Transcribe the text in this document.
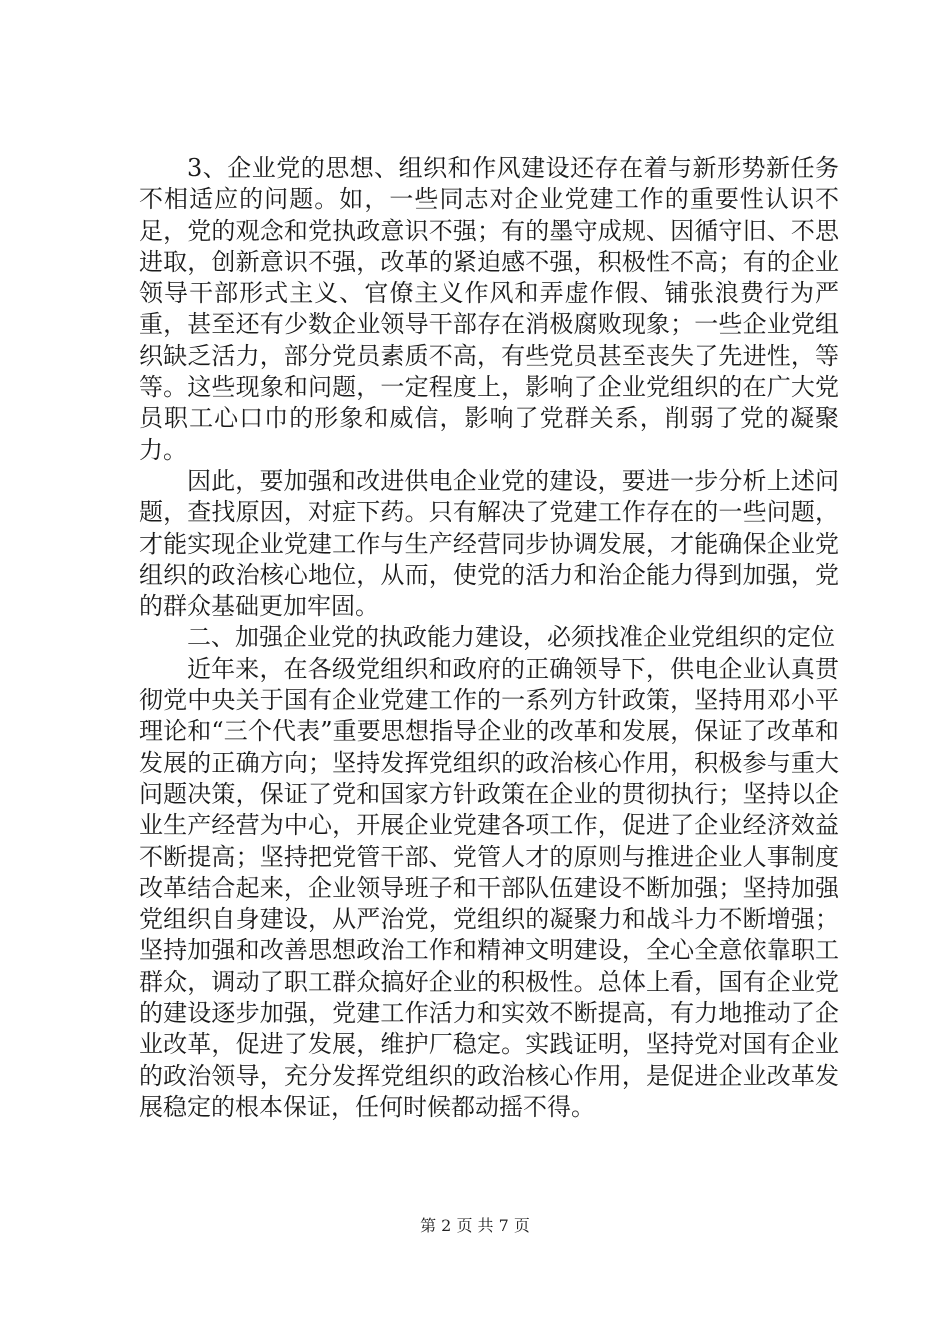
3、企业党的思想、组织和作风建设还存在着与新形势新任务不相适应的问题。如，一些同志对企业党建工作的重要性认识不足，党的观念和党执政意识不强；有的墨守成规、因循守旧、不思进取，创新意识不强，改革的紧迫感不强，积极性不高；有的企业领导干部形式主义、官僚主义作风和弄虚作假、铺张浪费行为严重，甚至还有少数企业领导干部存在消极腐败现象；一些企业党组织缺乏活力，部分党员素质不高，有些党员甚至丧失了先进性，等等。这些现象和问题，一定程度上，影响了企业党组织的在广大党员职工心口巾的形象和威信，影响了党群关系，削弱了党的凝聚力。

因此，要加强和改进供电企业党的建设，要进一步分析上述问题，查找原因，对症下药。只有解决了党建工作存在的一些问题，才能实现企业党建工作与生产经营同步协调发展，才能确保企业党组织的政治核心地位，从而，使党的活力和治企能力得到加强，党的群众基础更加牢固。

二、加强企业党的执政能力建设，必须找准企业党组织的定位

近年来，在各级党组织和政府的正确领导下，供电企业认真贯彻党中央关于国有企业党建工作的一系列方针政策，坚持用邓小平理论和“三个代表”重要思想指导企业的改革和发展，保证了改革和发展的正确方向；坚持发挥党组织的政治核心作用，积极参与重大问题决策，保证了党和国家方针政策在企业的贯彻执行；坚持以企业生产经营为中心，开展企业党建各项工作，促进了企业经济效益不断提高；坚持把党管干部、党管人才的原则与推进企业人事制度改革结合起来，企业领导班子和干部队伍建设不断加强；坚持加强党组织自身建设，从严治党，党组织的凝聚力和战斗力不断增强；坚持加强和改善思想政治工作和精神文明建设，全心全意依靠职工群众，调动了职工群众搞好企业的积极性。总体上看，国有企业党的建设逐步加强，党建工作活力和实效不断提高，有力地推动了企业改革，促进了发展，维护厂稳定。实践证明，坚持党对国有企业的政治领导，充分发挥党组织的政治核心作用，是促进企业改革发展稳定的根本保证，任何时候都动摇不得。

第 2 页 共 7 页
